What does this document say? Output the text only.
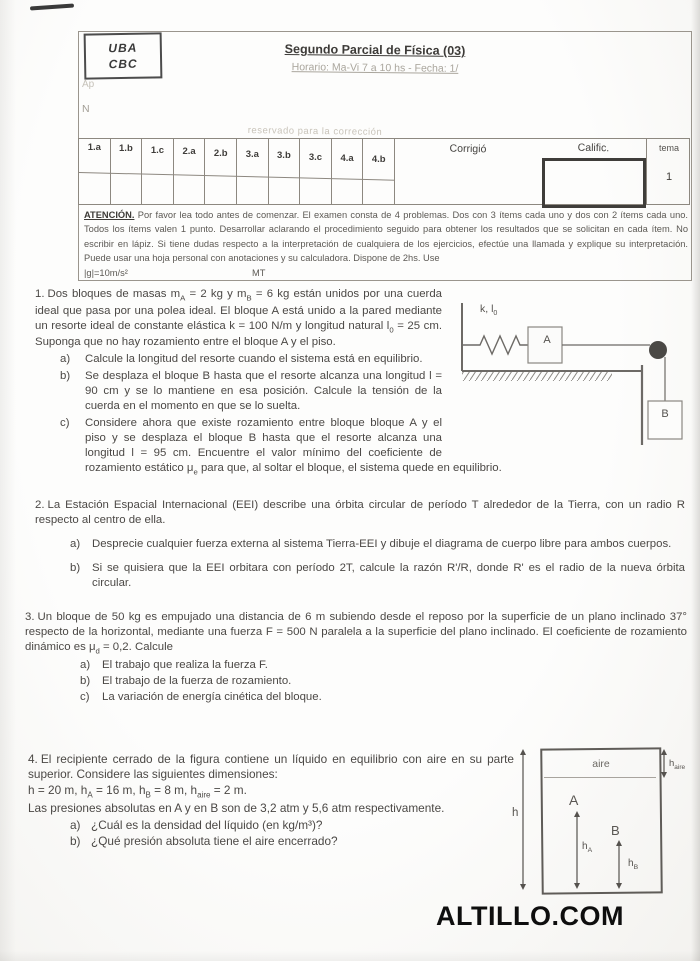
UBA
CBC
Segundo Parcial de Física (03)
Horario: Ma-Vi 7 a 10 hs - Fecha: 1/
Ap
N
reservado para la corrección
1.a	1.b	1.c	2.a	2.b	3.a	3.b	3.c	4.a	4.b
Corrigió	Calific.	tema
1
ATENCIÓN. Por favor lea todo antes de comenzar. El examen consta de 4 problemas. Dos con 3 ítems cada uno y dos con 2 ítems cada uno. Todos los ítems valen 1 punto. Desarrollar aclarando el procedimiento seguido para obtener los resultados que se solicitan en cada ítem. No escribir en lápiz. Si tiene dudas respecto a la interpretación de cualquiera de los ejercicios, efectúe una llamada y explique su interpretación. Puede usar una hoja personal con anotaciones y su calculadora. Dispone de 2hs. Use
|g|=10m/s²	MT
k, $l_0$
A
B

1. Dos bloques de masas $m_A = 2$ kg y $m_B = 6$ kg están unidos por una cuerda ideal que pasa por una polea ideal. El bloque A está unido a la pared mediante un resorte ideal de constante elástica k = 100 N/m y longitud natural $l_0 = 25$ cm. Suponga que no hay rozamiento entre el bloque A y el piso.

a) Calcule la longitud del resorte cuando el sistema está en equilibrio.
b) Se desplaza el bloque B hasta que el resorte alcanza una longitud l = 90 cm y se lo mantiene en esa posición. Calcule la tensión de la cuerda en el momento en que se lo suelta.
c) Considere ahora que existe rozamiento entre bloque bloque A y el piso y se desplaza el bloque B hasta que el resorte alcanza una longitud l = 95 cm. Encuentre el valor mínimo del coeficiente de rozamiento estático $\mu_e$ para que, al soltar el bloque, el sistema quede en equilibrio.

2. La Estación Espacial Internacional (EEI) describe una órbita circular de período T alrededor de la Tierra, con un radio R respecto al centro de ella.

a) Desprecie cualquier fuerza externa al sistema Tierra-EEI y dibuje el diagrama de cuerpo libre para ambos cuerpos.
b) Si se quisiera que la EEI orbitara con período 2T, calcule la razón R'/R, donde R' es el radio de la nueva órbita circular.

3. Un bloque de 50 kg es empujado una distancia de 6 m subiendo desde el reposo por la superficie de un plano inclinado 37° respecto de la horizontal, mediante una fuerza F = 500 N paralela a la superficie del plano inclinado. El coeficiente de rozamiento dinámico es $\mu_d = 0,2$. Calcule

a) El trabajo que realiza la fuerza F.
b) El trabajo de la fuerza de rozamiento.
c) La variación de energía cinética del bloque.

4. El recipiente cerrado de la figura contiene un líquido en equilibrio con aire en su parte superior. Considere las siguientes dimensiones:

h = 20 m, $h_A = 16$ m, $h_B = 8$ m, $h_{aire} = 2$ m.

Las presiones absolutas en A y en B son de 3,2 atm y 5,6 atm respectivamente.

a) ¿Cuál es la densidad del líquido (en kg/m³)?
b) ¿Qué presión absoluta tiene el aire encerrado?
aire
h
$h_{aire}$
A
B
$h_A$
$h_B$
ALTILLO.COM
